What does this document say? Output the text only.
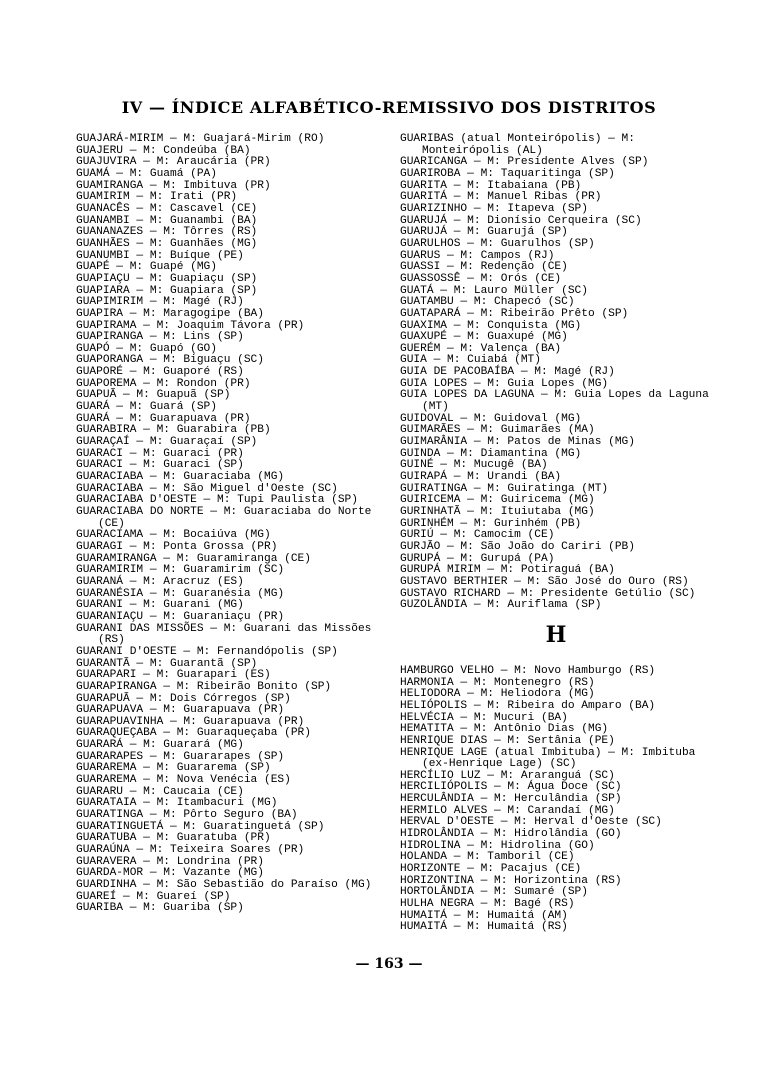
IV — ÍNDICE ALFABÉTICO-REMISSIVO DOS DISTRITOS
GUAJARÁ-MIRIM — M: Guajará-Mirim (RO)
GUAJERU — M: Condeúba (BA)
GUAJUVIRA — M: Araucária (PR)
GUAMÁ — M: Guamá (PA)
GUAMIRANGA — M: Imbituva (PR)
GUAMIRIM — M: Irati (PR)
GUANACÊS — M: Cascavel (CE)
GUANAMBI — M: Guanambi (BA)
GUANANAZES — M: Tôrres (RS)
GUANHÃES — M: Guanhães (MG)
GUANUMBI — M: Buíque (PE)
GUAPÉ — M: Guapé (MG)
GUAPIAÇU — M: Guapiaçu (SP)
GUAPIARA — M: Guapiara (SP)
GUAPIMIRIM — M: Magé (RJ)
GUAPIRA — M: Maragogipe (BA)
GUAPIRAMA — M: Joaquim Távora (PR)
GUAPIRANGA — M: Lins (SP)
GUAPÓ — M: Guapó (GO)
GUAPORANGA — M: Biguaçu (SC)
GUAPORÉ — M: Guaporé (RS)
GUAPOREMA — M: Rondon (PR)
GUAPUÃ — M: Guapuã (SP)
GUARÁ — M: Guará (SP)
GUARÁ — M: Guarapuava (PR)
GUARABIRA — M: Guarabira (PB)
GUARAÇAÍ — M: Guaraçaí (SP)
GUARACI — M: Guaraci (PR)
GUARACI — M: Guaraci (SP)
GUARACIABA — M: Guaraciaba (MG)
GUARACIABA — M: São Miguel d'Oeste (SC)
GUARACIABA D'OESTE — M: Tupi Paulista (SP)
GUARACIABA DO NORTE — M: Guaraciaba do Norte (CE)
GUARACIAMA — M: Bocaiúva (MG)
GUARAGI — M: Ponta Grossa (PR)
GUARAMIRANGA — M: Guaramiranga (CE)
GUARAMIRIM — M: Guaramirim (SC)
GUARANÁ — M: Aracruz (ES)
GUARANÉSIA — M: Guaranésia (MG)
GUARANI — M: Guarani (MG)
GUARANIAÇU — M: Guaraniaçu (PR)
GUARANI DAS MISSÕES — M: Guarani das Missões (RS)
GUARANI D'OESTE — M: Fernandópolis (SP)
GUARANTÃ — M: Guarantã (SP)
GUARAPARI — M: Guarapari (ES)
GUARAPIRANGA — M: Ribeirão Bonito (SP)
GUARAPUÃ — M: Dois Córregos (SP)
GUARAPUAVA — M: Guarapuava (PR)
GUARAPUAVINHA — M: Guarapuava (PR)
GUARAQUEÇABA — M: Guaraqueçaba (PR)
GUARARÁ — M: Guarará (MG)
GUARARAPES — M: Guararapes (SP)
GUARAREMA — M: Guararema (SP)
GUARAREMA — M: Nova Venécia (ES)
GUARARU — M: Caucaia (CE)
GUARATAIA — M: Itambacuri (MG)
GUARATINGA — M: Pôrto Seguro (BA)
GUARATINGUETÁ — M: Guaratinguetá (SP)
GUARATUBA — M: Guaratuba (PR)
GUARAÚNA — M: Teixeira Soares (PR)
GUARAVERA — M: Londrina (PR)
GUARDA-MOR — M: Vazante (MG)
GUARDINHA — M: São Sebastião do Paraíso (MG)
GUAREÍ — M: Guareí (SP)
GUARIBA — M: Guariba (SP)
GUARIBAS (atual Monteirópolis) — M: Monteirópolis (AL)
GUARICANGA — M: Presidente Alves (SP)
GUARIROBA — M: Taquaritinga (SP)
GUARITA — M: Itabaiana (PB)
GUARITÁ — M: Manuel Ribas (PR)
GUARIZINHO — M: Itapeva (SP)
GUARUJÁ — M: Dionísio Cerqueira (SC)
GUARUJÁ — M: Guarujá (SP)
GUARULHOS — M: Guarulhos (SP)
GUARUS — M: Campos (RJ)
GUASSI — M: Redenção (CE)
GUASSOSSÊ — M: Orós (CE)
GUATÁ — M: Lauro Müller (SC)
GUATAMBU — M: Chapecó (SC)
GUATAPARÁ — M: Ribeirão Prêto (SP)
GUAXIMA — M: Conquista (MG)
GUAXUPÉ — M: Guaxupé (MG)
GUERÉM — M: Valença (BA)
GUIA — M: Cuiabá (MT)
GUIA DE PACOBAÍBA — M: Magé (RJ)
GUIA LOPES — M: Guia Lopes (MG)
GUIA LOPES DA LAGUNA — M: Guia Lopes da Laguna (MT)
GUIDOVAL — M: Guidoval (MG)
GUIMARÃES — M: Guimarães (MA)
GUIMARÂNIA — M: Patos de Minas (MG)
GUINDA — M: Diamantina (MG)
GUINÉ — M: Mucugê (BA)
GUIRAPÁ — M: Urandi (BA)
GUIRATINGA — M: Guiratinga (MT)
GUIRICEMA — M: Guiricema (MG)
GURINHATÃ — M: Ituiutaba (MG)
GURINHÉM — M: Gurinhém (PB)
GURIÚ — M: Camocim (CE)
GURJÃO — M: São João do Cariri (PB)
GURUPÁ — M: Gurupá (PA)
GURUPÁ MIRIM — M: Potiraguá (BA)
GUSTAVO BERTHIER — M: São José do Ouro (RS)
GUSTAVO RICHARD — M: Presidente Getúlio (SC)
GUZOLÂNDIA — M: Auriflama (SP)
H
HAMBURGO VELHO — M: Novo Hamburgo (RS)
HARMONIA — M: Montenegro (RS)
HELIODORA — M: Heliodora (MG)
HELIÓPOLIS — M: Ribeira do Amparo (BA)
HELVÉCIA — M: Mucuri (BA)
HEMATITA — M: Antônio Dias (MG)
HENRIQUE DIAS — M: Sertânia (PE)
HENRIQUE LAGE (atual Imbituba) — M: Imbituba (ex-Henrique Lage) (SC)
HERCÍLIO LUZ — M: Araranguá (SC)
HERCILIÓPOLIS — M: Água Doce (SC)
HERCULÂNDIA — M: Herculândia (SP)
HERMILO ALVES — M: Carandaí (MG)
HERVAL D'OESTE — M: Herval d'Oeste (SC)
HIDROLÂNDIA — M: Hidrolândia (GO)
HIDROLINA — M: Hidrolina (GO)
HOLANDA — M: Tamboril (CE)
HORIZONTE — M: Pacajus (CE)
HORIZONTINA — M: Horizontina (RS)
HORTOLÂNDIA — M: Sumaré (SP)
HULHA NEGRA — M: Bagé (RS)
HUMAITÁ — M: Humaitá (AM)
HUMAITÁ — M: Humaitá (RS)
— 163 —
